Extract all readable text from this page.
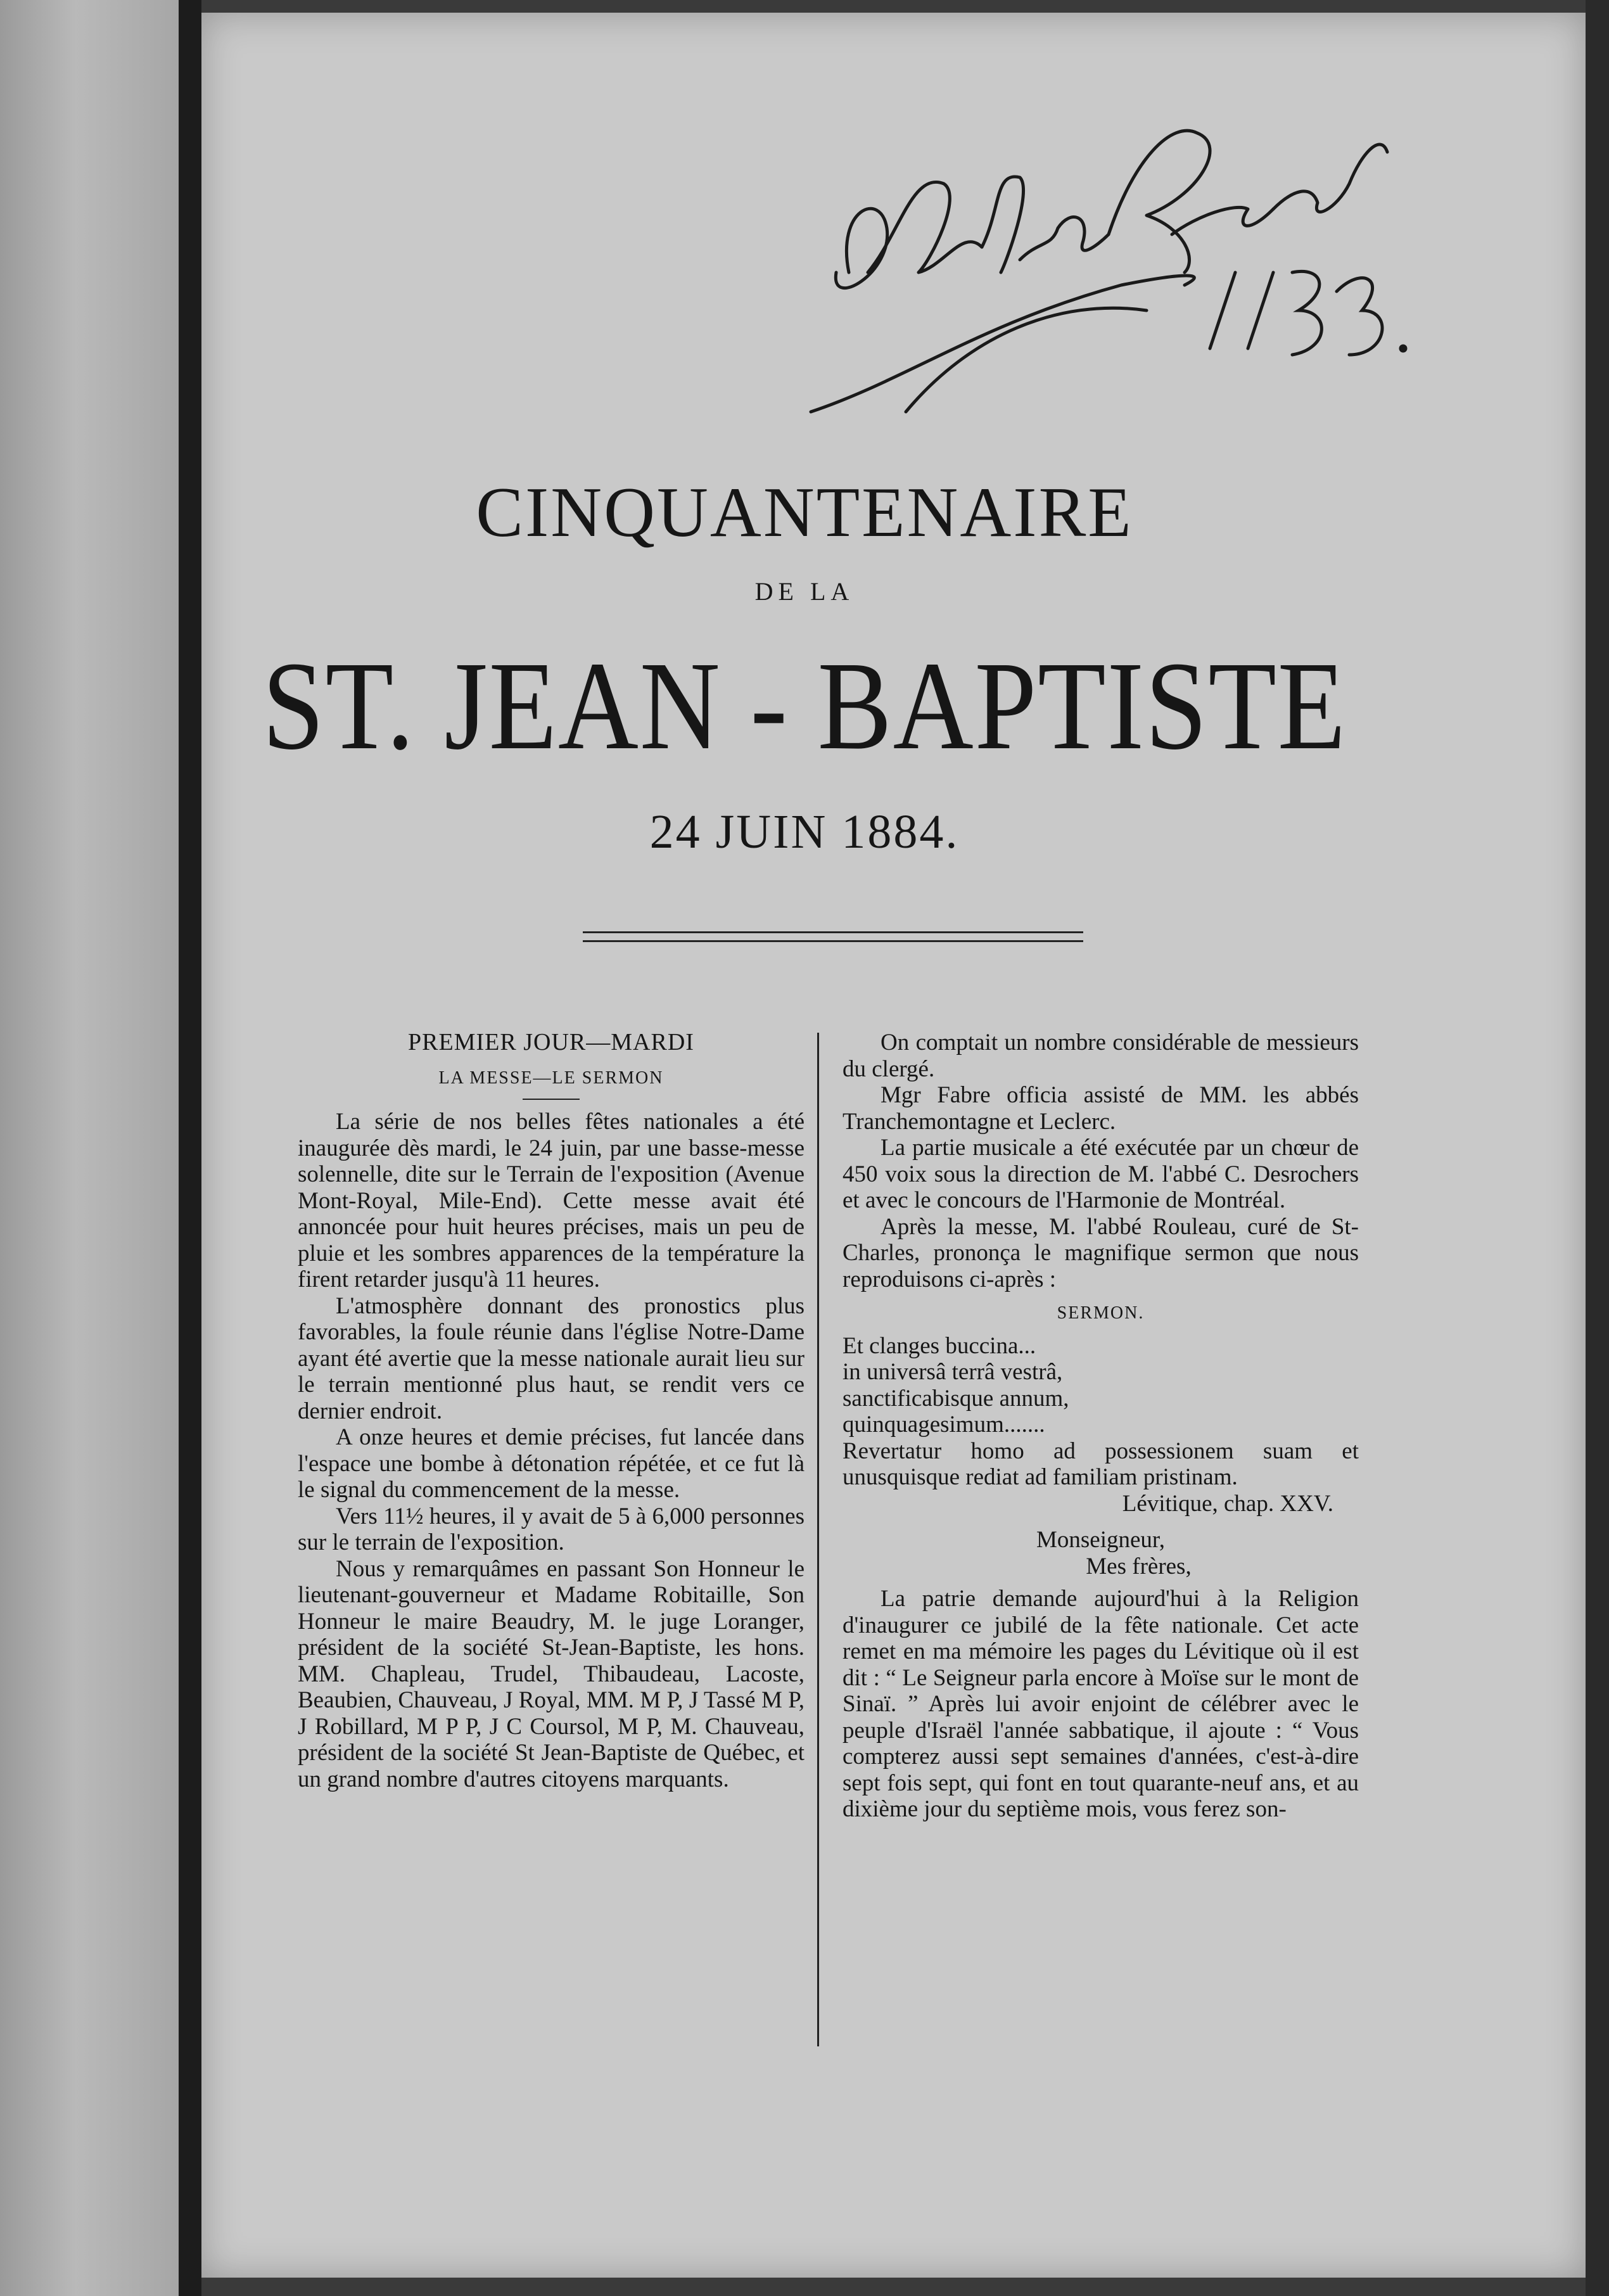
CINQUANTENAIRE
DE LA
ST. JEAN - BAPTISTE
24 JUIN 1884.

PREMIER JOUR—MARDI

LA MESSE—LE SERMON

La série de nos belles fêtes nationales a été inaugurée dès mardi, le 24 juin, par une basse-messe solennelle, dite sur le Terrain de l'exposition (Avenue Mont-Royal, Mile-End). Cette messe avait été annoncée pour huit heures précises, mais un peu de pluie et les sombres apparences de la température la firent retarder jusqu'à 11 heures.

L'atmosphère donnant des pronostics plus favorables, la foule réunie dans l'église Notre-Dame ayant été avertie que la messe nationale aurait lieu sur le terrain mentionné plus haut, se rendit vers ce dernier endroit.

A onze heures et demie précises, fut lancée dans l'espace une bombe à détonation répétée, et ce fut là le signal du commencement de la messe.

Vers 11½ heures, il y avait de 5 à 6,000 personnes sur le terrain de l'exposition.

Nous y remarquâmes en passant Son Honneur le lieutenant-gouverneur et Madame Robitaille, Son Honneur le maire Beaudry, M. le juge Loranger, président de la société St-Jean-Baptiste, les hons. MM. Chapleau, Trudel, Thibaudeau, Lacoste, Beaubien, Chauveau, J Royal, MM. M P, J Tassé M P, J Robillard, M P P, J C Coursol, M P, M. Chauveau, président de la société St Jean-Baptiste de Québec, et un grand nombre d'autres citoyens marquants.

On comptait un nombre considérable de messieurs du clergé.

Mgr Fabre officia assisté de MM. les abbés Tranchemontagne et Leclerc.

La partie musicale a été exécutée par un chœur de 450 voix sous la direction de M. l'abbé C. Desrochers et avec le concours de l'Harmonie de Montréal.

Après la messe, M. l'abbé Rouleau, curé de St-Charles, prononça le magnifique sermon que nous reproduisons ci-après :

SERMON.

Et clanges buccina...

in universâ terrâ vestrâ,

sanctificabisque annum,

quinquagesimum.......

Revertatur homo ad possessionem suam et unusquisque rediat ad familiam pristinam.

Lévitique, chap. XXV.

Monseigneur,

Mes frères,

La patrie demande aujourd'hui à la Religion d'inaugurer ce jubilé de la fête nationale. Cet acte remet en ma mémoire les pages du Lévitique où il est dit : “ Le Seigneur parla encore à Moïse sur le mont de Sinaï. ” Après lui avoir enjoint de célébrer avec le peuple d'Israël l'année sabbatique, il ajoute : “ Vous compterez aussi sept semaines d'années, c'est-à-dire sept fois sept, qui font en tout quarante-neuf ans, et au dixième jour du septième mois, vous ferez son-
